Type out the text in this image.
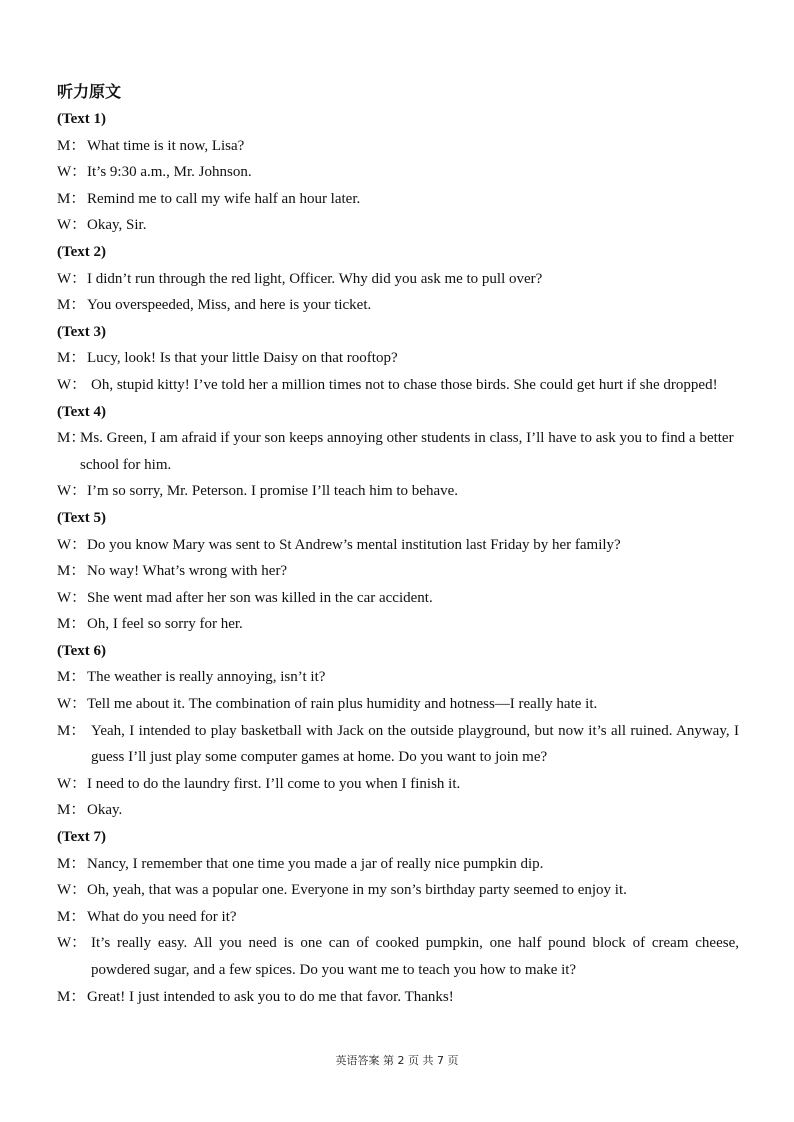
听力原文
(Text 1)
M： What time is it now, Lisa?
W： It’s 9:30 a.m., Mr. Johnson.
M： Remind me to call my wife half an hour later.
W： Okay, Sir.
(Text 2)
W： I didn’t run through the red light, Officer. Why did you ask me to pull over?
M： You overspeeded, Miss, and here is your ticket.
(Text 3)
M： Lucy, look! Is that your little Daisy on that rooftop?
W： Oh, stupid kitty! I’ve told her a million times not to chase those birds. She could get hurt if she dropped!
(Text 4)
M：
Ms. Green, I am afraid if your son keeps annoying other students in class, I’ll have to ask you to find a better school for him.
W： I’m so sorry, Mr. Peterson. I promise I’ll teach him to behave.
(Text 5)
W： Do you know Mary was sent to St Andrew’s mental institution last Friday by her family?
M： No way! What’s wrong with her?
W： She went mad after her son was killed in the car accident.
M： Oh, I feel so sorry for her.
(Text 6)
M： The weather is really annoying, isn’t it?
W： Tell me about it. The combination of rain plus humidity and hotness—I really hate it.
M： Yeah, I intended to play basketball with Jack on the outside playground, but now it’s all ruined. Anyway, I guess I’ll just play some computer games at home. Do you want to join me?
W： I need to do the laundry first. I’ll come to you when I finish it.
M： Okay.
(Text 7)
M： Nancy, I remember that one time you made a jar of really nice pumpkin dip.
W： Oh, yeah, that was a popular one. Everyone in my son’s birthday party seemed to enjoy it.
M： What do you need for it?
W： It’s really easy. All you need is one can of cooked pumpkin, one half pound block of cream cheese, powdered sugar, and a few spices. Do you want me to teach you how to make it?
M： Great! I just intended to ask you to do me that favor. Thanks!
英语答案 第 2 页 共 7 页
